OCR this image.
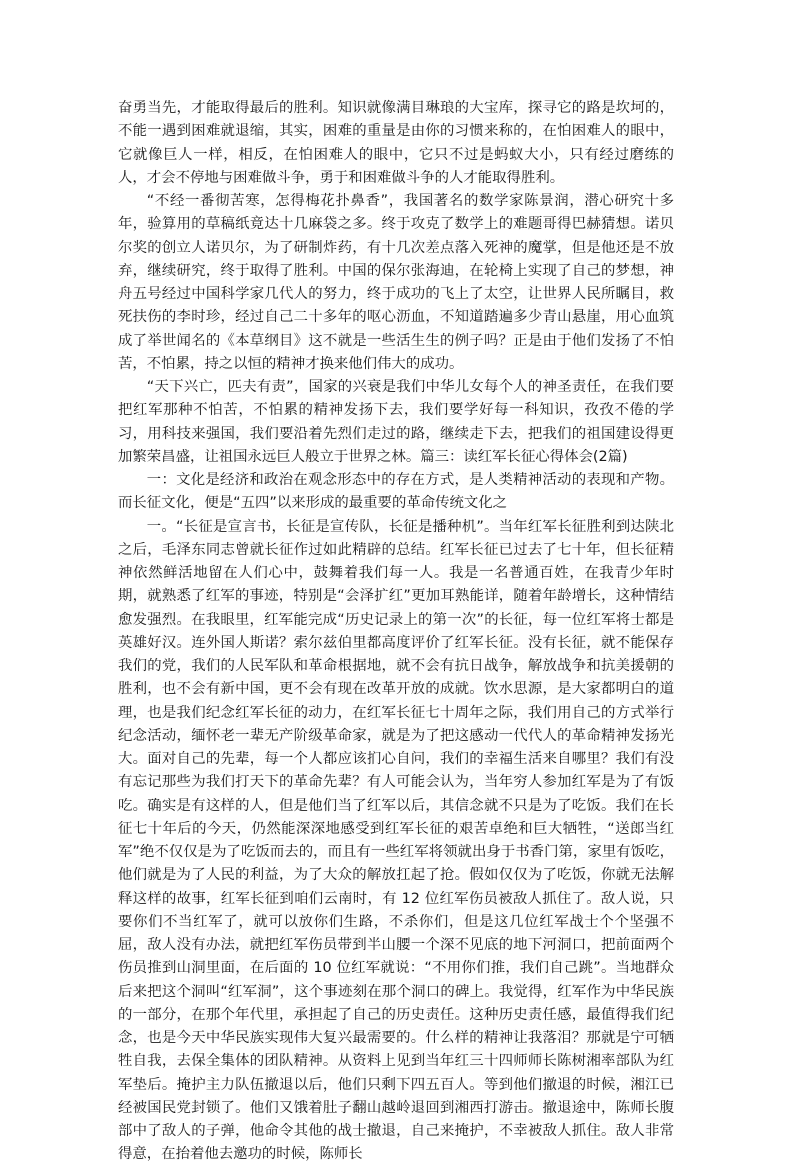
奋勇当先，才能取得最后的胜利。知识就像满目琳琅的大宝库，探寻它的路是坎坷的，不能一遇到困难就退缩，其实，困难的重量是由你的习惯来称的，在怕困难人的眼中，它就像巨人一样，相反，在怕困难人的眼中，它只不过是蚂蚁大小，只有经过磨练的人，才会不停地与困难做斗争，勇于和困难做斗争的人才能取得胜利。

“不经一番彻苦寒，怎得梅花扑鼻香”，我国著名的数学家陈景润，潜心研究十多年，验算用的草稿纸竟达十几麻袋之多。终于攻克了数学上的难题哥得巴赫猜想。诺贝尔奖的创立人诺贝尔，为了研制炸药，有十几次差点落入死神的魔掌，但是他还是不放弃，继续研究，终于取得了胜利。中国的保尔张海迪，在轮椅上实现了自己的梦想，神舟五号经过中国科学家几代人的努力，终于成功的飞上了太空，让世界人民所瞩目，救死扶伤的李时珍，经过自己二十多年的呕心沥血，不知道踏遍多少青山悬崖，用心血筑成了举世闻名的《本草纲目》这不就是一些活生生的例子吗？正是由于他们发扬了不怕苦，不怕累，持之以恒的精神才换来他们伟大的成功。

“天下兴亡，匹夫有责”，国家的兴衰是我们中华儿女每个人的神圣责任，在我们要把红军那种不怕苦，不怕累的精神发扬下去，我们要学好每一科知识，孜孜不倦的学习，用科技来强国，我们要沿着先烈们走过的路，继续走下去，把我们的祖国建设得更加繁荣昌盛，让祖国永远巨人般立于世界之林。篇三：读红军长征心得体会(2篇)

一：文化是经济和政治在观念形态中的存在方式，是人类精神活动的表现和产物。而长征文化，便是“五四”以来形成的最重要的革命传统文化之

一。“长征是宣言书，长征是宣传队，长征是播种机”。当年红军长征胜利到达陕北之后，毛泽东同志曾就长征作过如此精辟的总结。红军长征已过去了七十年，但长征精神依然鲜活地留在人们心中，鼓舞着我们每一人。我是一名普通百姓，在我青少年时期，就熟悉了红军的事迹，特别是“会泽扩红”更加耳熟能详，随着年龄增长，这种情结愈发强烈。在我眼里，红军能完成“历史记录上的第一次”的长征，每一位红军将士都是英雄好汉。连外国人斯诺？索尔兹伯里都高度评价了红军长征。没有长征，就不能保存我们的党，我们的人民军队和革命根据地，就不会有抗日战争，解放战争和抗美援朝的胜利，也不会有新中国，更不会有现在改革开放的成就。饮水思源，是大家都明白的道理，也是我们纪念红军长征的动力，在红军长征七十周年之际，我们用自己的方式举行纪念活动，缅怀老一辈无产阶级革命家，就是为了把这感动一代代人的革命精神发扬光大。面对自己的先辈，每一个人都应该扪心自问，我们的幸福生活来自哪里？我们有没有忘记那些为我们打天下的革命先辈？有人可能会认为，当年穷人参加红军是为了有饭吃。确实是有这样的人，但是他们当了红军以后，其信念就不只是为了吃饭。我们在长征七十年后的今天，仍然能深深地感受到红军长征的艰苦卓绝和巨大牺牲，“送郎当红军”绝不仅仅是为了吃饭而去的，而且有一些红军将领就出身于书香门第，家里有饭吃，他们就是为了人民的利益，为了大众的解放扛起了抢。假如仅仅为了吃饭，你就无法解释这样的故事，红军长征到咱们云南时，有 12 位红军伤员被敌人抓住了。敌人说，只要你们不当红军了，就可以放你们生路，不杀你们，但是这几位红军战士个个坚强不屈，敌人没有办法，就把红军伤员带到半山腰一个深不见底的地下河洞口，把前面两个伤员推到山洞里面，在后面的 10 位红军就说：“不用你们推，我们自己跳”。当地群众后来把这个洞叫“红军洞”，这个事迹刻在那个洞口的碑上。我觉得，红军作为中华民族的一部分，在那个年代里，承担起了自己的历史责任。这种历史责任感，最值得我们纪念，也是今天中华民族实现伟大复兴最需要的。什么样的精神让我落泪？那就是宁可牺牲自我，去保全集体的团队精神。从资料上见到当年红三十四师师长陈树湘率部队为红军垫后。掩护主力队伍撤退以后，他们只剩下四五百人。等到他们撤退的时候，湘江已经被国民党封锁了。他们又饿着肚子翻山越岭退回到湘西打游击。撤退途中，陈师长腹部中了敌人的子弹，他命令其他的战士撤退，自己来掩护，不幸被敌人抓住。敌人非常得意，在抬着他去邀功的时候，陈师长
